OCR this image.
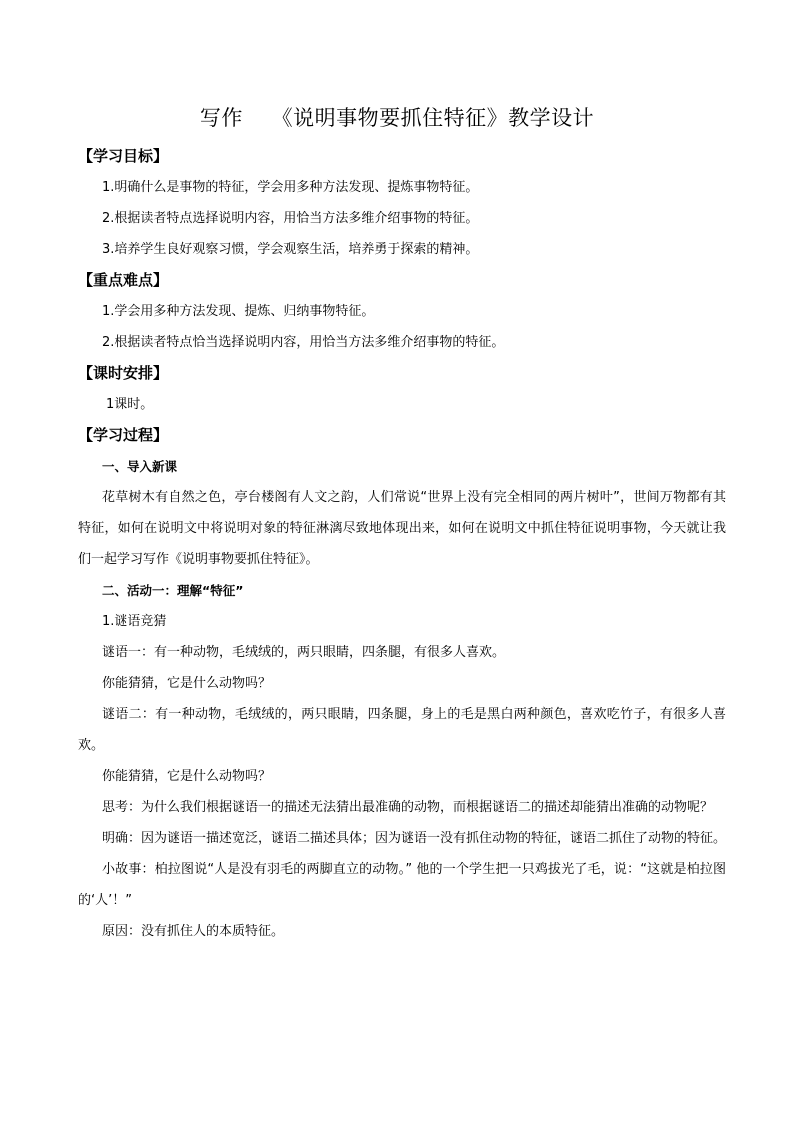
写作    《说明事物要抓住特征》教学设计
【学习目标】
1.明确什么是事物的特征，学会用多种方法发现、提炼事物特征。
2.根据读者特点选择说明内容，用恰当方法多维介绍事物的特征。
3.培养学生良好观察习惯，学会观察生活，培养勇于探索的精神。
【重点难点】
1.学会用多种方法发现、提炼、归纳事物特征。
2.根据读者特点恰当选择说明内容，用恰当方法多维介绍事物的特征。
【课时安排】
1课时。
【学习过程】
一、导入新课
花草树木有自然之色，亭台楼阁有人文之韵，人们常说“世界上没有完全相同的两片树叶”，世间万物都有其特征，如何在说明文中将说明对象的特征淋漓尽致地体现出来，如何在说明文中抓住特征说明事物，今天就让我们一起学习写作《说明事物要抓住特征》。
二、活动一：理解“特征”
1.谜语竞猜
谜语一：有一种动物，毛绒绒的，两只眼睛，四条腿，有很多人喜欢。
你能猜猜，它是什么动物吗？
谜语二：有一种动物，毛绒绒的，两只眼睛，四条腿，身上的毛是黑白两种颜色，喜欢吃竹子，有很多人喜欢。
你能猜猜，它是什么动物吗？
思考：为什么我们根据谜语一的描述无法猜出最准确的动物，而根据谜语二的描述却能猜出准确的动物呢？
明确：因为谜语一描述宽泛，谜语二描述具体；因为谜语一没有抓住动物的特征，谜语二抓住了动物的特征。
小故事：柏拉图说“人是没有羽毛的两脚直立的动物。” 他的一个学生把一只鸡拔光了毛，说：“这就是柏拉图的‘人’！”
原因：没有抓住人的本质特征。
